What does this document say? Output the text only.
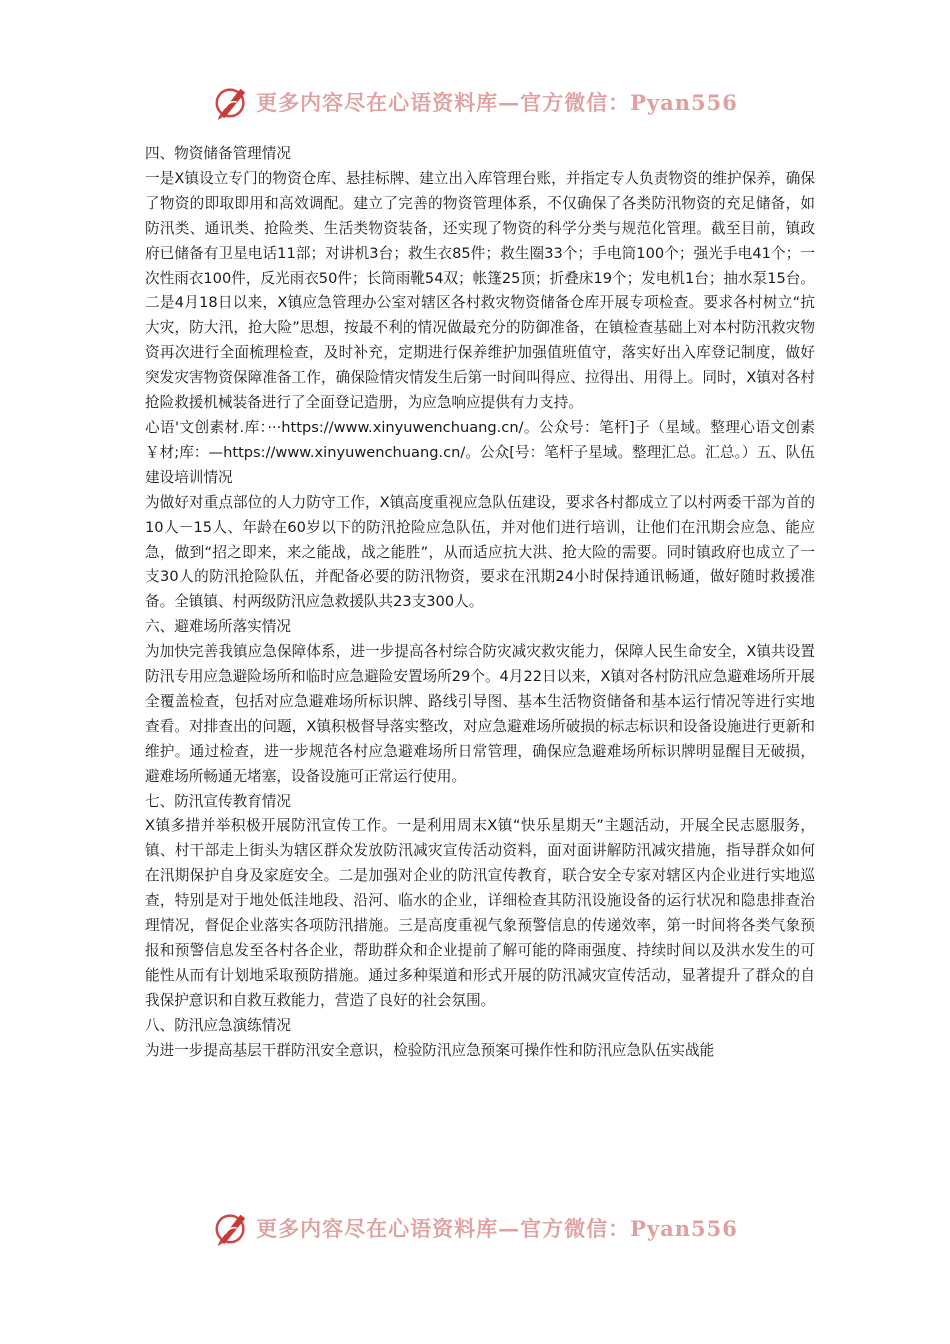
更多内容尽在心语资料库—官方微信：Pyan556

四、物资储备管理情况

一是X镇设立专门的物资仓库、悬挂标牌、建立出入库管理台账，并指定专人负责物资的维护保养，确保了物资的即取即用和高效调配。建立了完善的物资管理体系，不仅确保了各类防汛物资的充足储备，如防汛类、通讯类、抢险类、生活类物资装备，还实现了物资的科学分类与规范化管理。截至目前，镇政府已储备有卫星电话11部；对讲机3台；救生衣85件；救生圈33个；手电筒100个；强光手电41个；一次性雨衣100件，反光雨衣50件；长筒雨靴54双；帐篷25顶；折叠床19个；发电机1台；抽水泵15台。

二是4月18日以来，X镇应急管理办公室对辖区各村救灾物资储备仓库开展专项检查。要求各村树立“抗大灾，防大汛，抢大险”思想，按最不利的情况做最充分的防御准备，在镇检查基础上对本村防汛救灾物资再次进行全面梳理检查，及时补充，定期进行保养维护加强值班值守，落实好出入库登记制度，做好突发灾害物资保障准备工作，确保险情灾情发生后第一时间叫得应、拉得出、用得上。同时，X镇对各村抢险救援机械装备进行了全面登记造册，为应急响应提供有力支持。

心语'文创素材.库：···https://www.xinyuwenchuang.cn/。公众号：笔杆]子（星域。整理心语文创素￥材;库：—https://www.xinyuwenchuang.cn/。公众[号：笔杆子星域。整理汇总。汇总。）五、队伍建设培训情况

为做好对重点部位的人力防守工作，X镇高度重视应急队伍建设，要求各村都成立了以村两委干部为首的10人－15人、年龄在60岁以下的防汛抢险应急队伍，并对他们进行培训，让他们在汛期会应急、能应急，做到“招之即来，来之能战，战之能胜”，从而适应抗大洪、抢大险的需要。同时镇政府也成立了一支30人的防汛抢险队伍，并配备必要的防汛物资，要求在汛期24小时保持通讯畅通，做好随时救援准备。全镇镇、村两级防汛应急救援队共23支300人。

六、避难场所落实情况

为加快完善我镇应急保障体系，进一步提高各村综合防灾减灾救灾能力，保障人民生命安全，X镇共设置防汛专用应急避险场所和临时应急避险安置场所29个。4月22日以来，X镇对各村防汛应急避难场所开展全覆盖检查，包括对应急避难场所标识牌、路线引导图、基本生活物资储备和基本运行情况等进行实地查看。对排查出的问题，X镇积极督导落实整改，对应急避难场所破损的标志标识和设备设施进行更新和维护。通过检查，进一步规范各村应急避难场所日常管理，确保应急避难场所标识牌明显醒目无破损，避难场所畅通无堵塞，设备设施可正常运行使用。

七、防汛宣传教育情况

X镇多措并举积极开展防汛宣传工作。一是利用周末X镇“快乐星期天”主题活动，开展全民志愿服务，镇、村干部走上街头为辖区群众发放防汛减灾宣传活动资料，面对面讲解防汛减灾措施，指导群众如何在汛期保护自身及家庭安全。二是加强对企业的防汛宣传教育，联合安全专家对辖区内企业进行实地巡查，特别是对于地处低洼地段、沿河、临水的企业，详细检查其防汛设施设备的运行状况和隐患排查治理情况，督促企业落实各项防汛措施。三是高度重视气象预警信息的传递效率，第一时间将各类气象预报和预警信息发至各村各企业，帮助群众和企业提前了解可能的降雨强度、持续时间以及洪水发生的可能性从而有计划地采取预防措施。通过多种渠道和形式开展的防汛减灾宣传活动，显著提升了群众的自我保护意识和自救互救能力，营造了良好的社会氛围。

八、防汛应急演练情况

为进一步提高基层干群防汛安全意识，检验防汛应急预案可操作性和防汛应急队伍实战能

更多内容尽在心语资料库—官方微信：Pyan556
